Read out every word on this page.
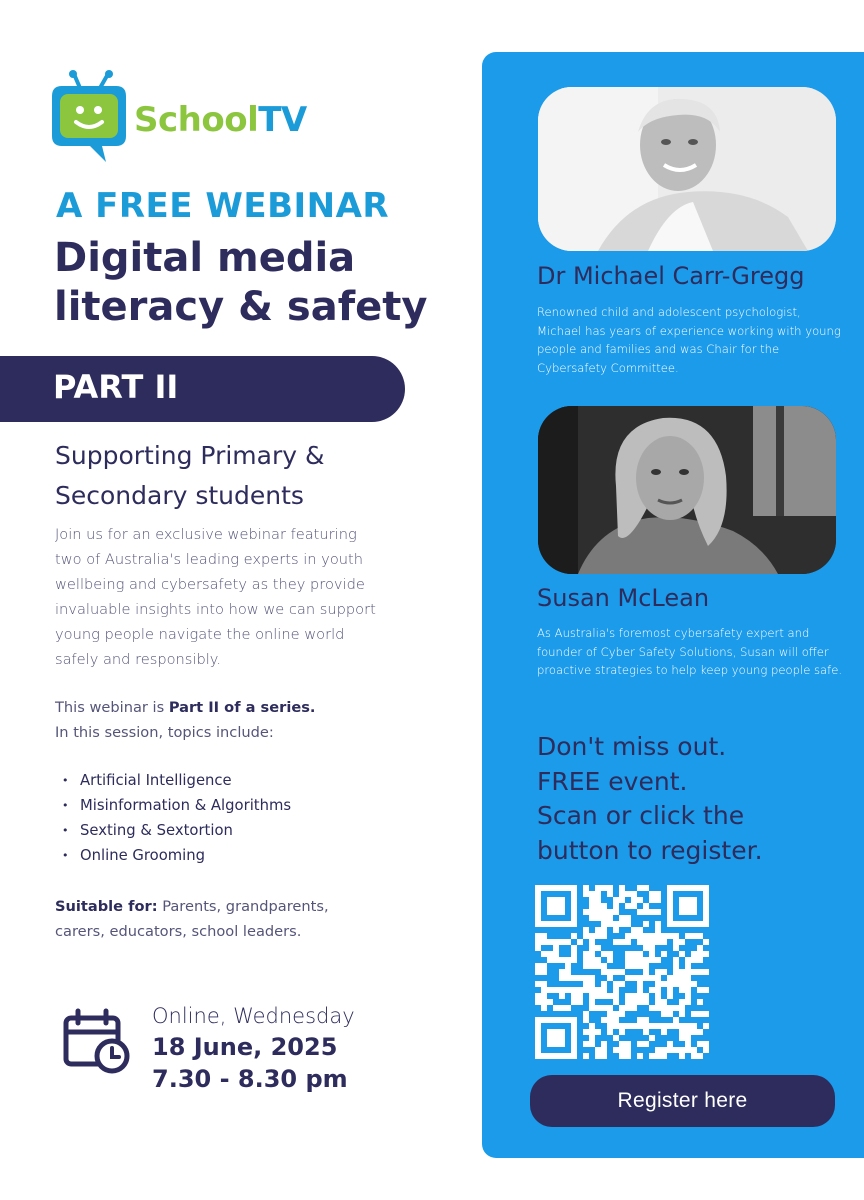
SchoolTV
A FREE WEBINAR
Digital media literacy & safety
PART II
Supporting Primary & Secondary students
Join us for an exclusive webinar featuring two of Australia's leading experts in youth wellbeing and cybersafety as they provide invaluable insights into how we can support young people navigate the online world safely and responsibly.
This webinar is Part II of a series.
In this session, topics include:
• Artificial Intelligence
• Misinformation & Algorithms
• Sexting & Sextortion
• Online Grooming
Suitable for: Parents, grandparents, carers, educators, school leaders.
Online, Wednesday
18 June, 2025
7.30 - 8.30 pm
Dr Michael Carr-Gregg
Renowned child and adolescent psychologist, Michael has years of experience working with young people and families and was Chair for the Cybersafety Committee.
Susan McLean
As Australia's foremost cybersafety expert and founder of Cyber Safety Solutions, Susan will offer proactive strategies to help keep young people safe.
Don't miss out.
FREE event.
Scan or click the
button to register.
Register here
